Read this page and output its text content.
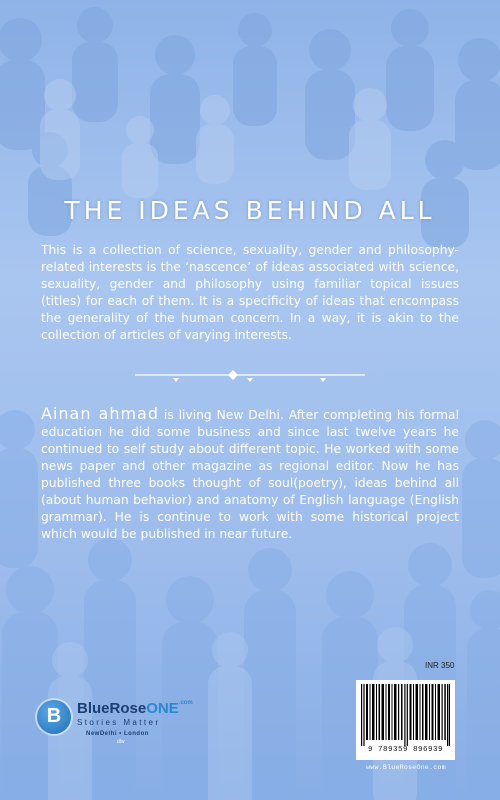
THE IDEAS BEHIND ALL
This is a collection of science, sexuality, gender and philosophy-related interests is the ‘nascence’ of ideas associated with science, sexuality, gender and philosophy using familiar topical issues (titles) for each of them. It is a specificity of ideas that encompass the generality of the human concern. In a way, it is akin to the collection of articles of varying interests.
Ainan ahmad is living New Delhi. After completing his formal education he did some business and since last twelve years he continued to self study about different topic. He worked with some news paper and other magazine as regional editor. Now he has published three books thought of soul(poetry), ideas behind all (about human behavior) and anatomy of English language (English grammar). He is continue to work with some historical project which would be published in near future.
B	BlueRoseONE$^{.com}$
Stories Matter
NewDelhi • London
dlw
INR 350
9 789359 896939
www.BlueRoseOne.com
